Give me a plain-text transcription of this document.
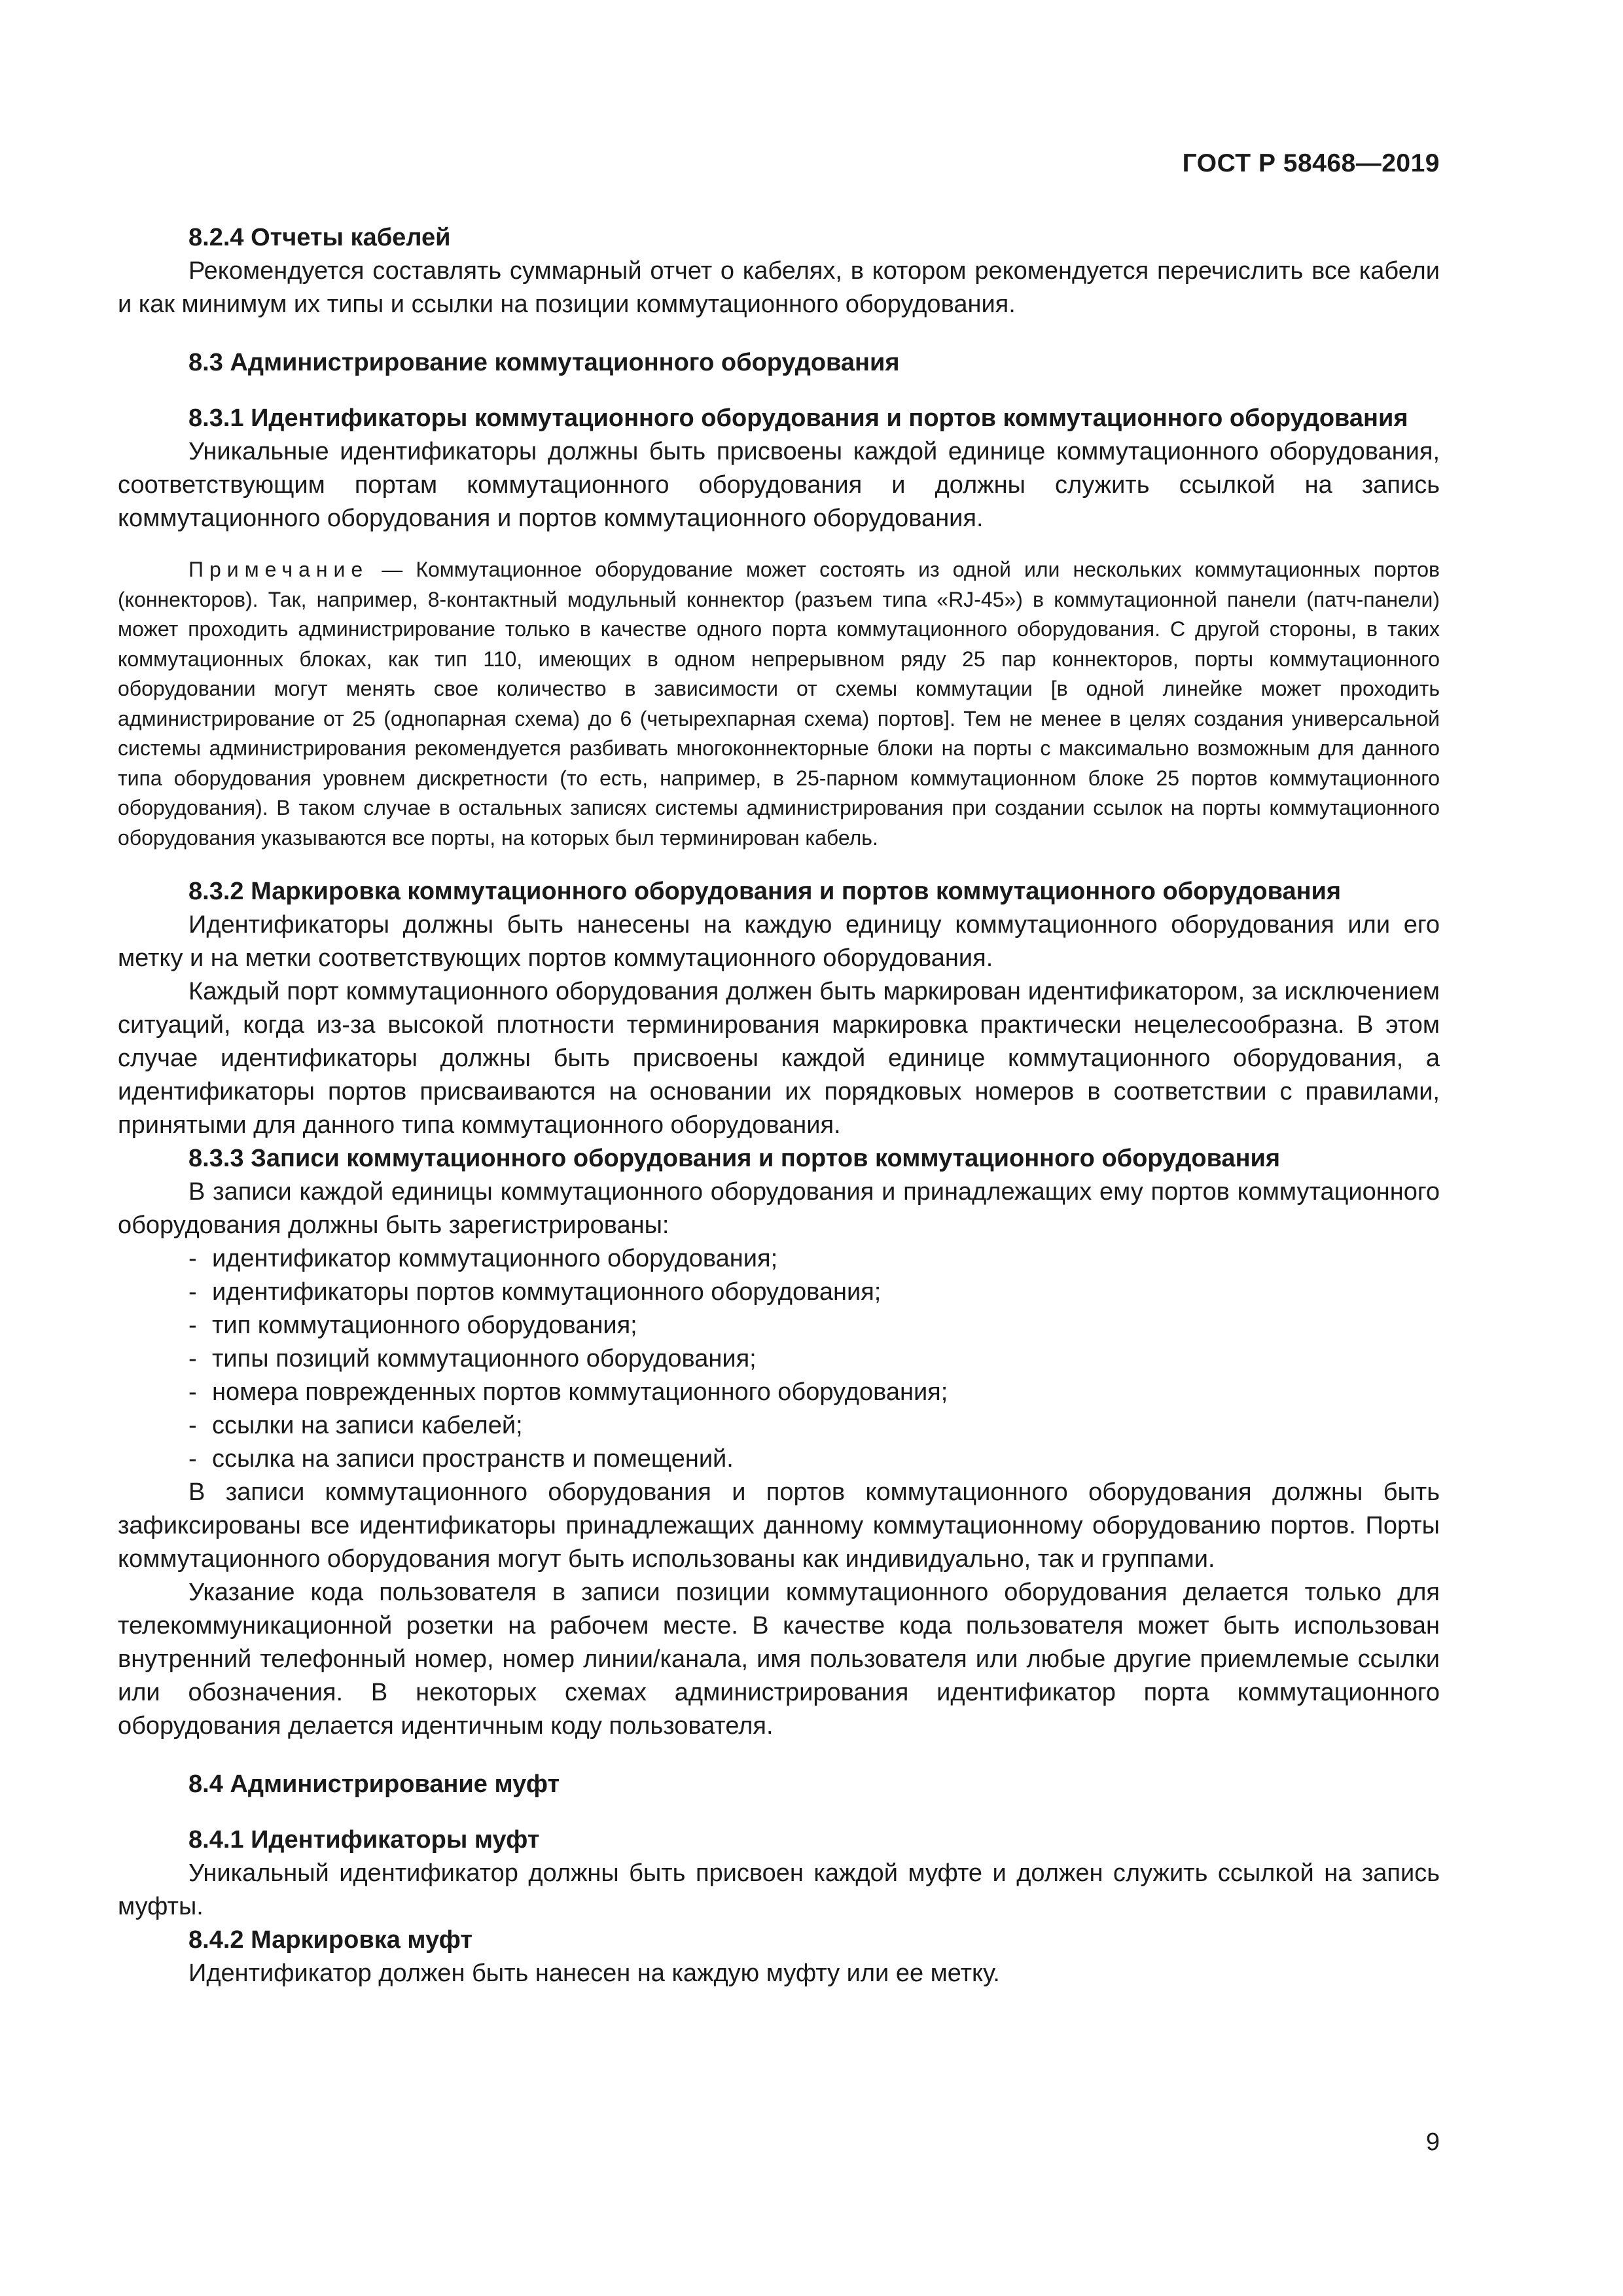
ГОСТ Р 58468—2019

8.2.4 Отчеты кабелей

Рекомендуется составлять суммарный отчет о кабелях, в котором рекомендуется перечислить все кабели и как минимум их типы и ссылки на позиции коммутационного оборудования.

8.3 Администрирование коммутационного оборудования

8.3.1 Идентификаторы коммутационного оборудования и портов коммутационного оборудования

Уникальные идентификаторы должны быть присвоены каждой единице коммутационного оборудования, соответствующим портам коммутационного оборудования и должны служить ссылкой на запись коммутационного оборудования и портов коммутационного оборудования.

Примечание — Коммутационное оборудование может состоять из одной или нескольких коммутационных портов (коннекторов). Так, например, 8-контактный модульный коннектор (разъем типа «RJ-45») в коммутационной панели (патч-панели) может проходить администрирование только в качестве одного порта коммутационного оборудования. С другой стороны, в таких коммутационных блоках, как тип 110, имеющих в одном непрерывном ряду 25 пар коннекторов, порты коммутационного оборудовании могут менять свое количество в зависимости от схемы коммутации [в одной линейке может проходить администрирование от 25 (однопарная схема) до 6 (четырехпарная схема) портов]. Тем не менее в целях создания универсальной системы администрирования рекомендуется разбивать многоконнекторные блоки на порты с максимально возможным для данного типа оборудования уровнем дискретности (то есть, например, в 25-парном коммутационном блоке 25 портов коммутационного оборудования). В таком случае в остальных записях системы администрирования при создании ссылок на порты коммутационного оборудования указываются все порты, на которых был терминирован кабель.

8.3.2 Маркировка коммутационного оборудования и портов коммутационного оборудования

Идентификаторы должны быть нанесены на каждую единицу коммутационного оборудования или его метку и на метки соответствующих портов коммутационного оборудования.

Каждый порт коммутационного оборудования должен быть маркирован идентификатором, за исключением ситуаций, когда из-за высокой плотности терминирования маркировка практически нецелесообразна. В этом случае идентификаторы должны быть присвоены каждой единице коммутационного оборудования, а идентификаторы портов присваиваются на основании их порядковых номеров в соответствии с правилами, принятыми для данного типа коммутационного оборудования.

8.3.3 Записи коммутационного оборудования и портов коммутационного оборудования

В записи каждой единицы коммутационного оборудования и принадлежащих ему портов коммутационного оборудования должны быть зарегистрированы:

- идентификатор коммутационного оборудования;
- идентификаторы портов коммутационного оборудования;
- тип коммутационного оборудования;
- типы позиций коммутационного оборудования;
- номера поврежденных портов коммутационного оборудования;
- ссылки на записи кабелей;
- ссылка на записи пространств и помещений.

В записи коммутационного оборудования и портов коммутационного оборудования должны быть зафиксированы все идентификаторы принадлежащих данному коммутационному оборудованию портов. Порты коммутационного оборудования могут быть использованы как индивидуально, так и группами.

Указание кода пользователя в записи позиции коммутационного оборудования делается только для телекоммуникационной розетки на рабочем месте. В качестве кода пользователя может быть использован внутренний телефонный номер, номер линии/канала, имя пользователя или любые другие приемлемые ссылки или обозначения. В некоторых схемах администрирования идентификатор порта коммутационного оборудования делается идентичным коду пользователя.

8.4 Администрирование муфт

8.4.1 Идентификаторы муфт

Уникальный идентификатор должны быть присвоен каждой муфте и должен служить ссылкой на запись муфты.

8.4.2 Маркировка муфт

Идентификатор должен быть нанесен на каждую муфту или ее метку.

9
